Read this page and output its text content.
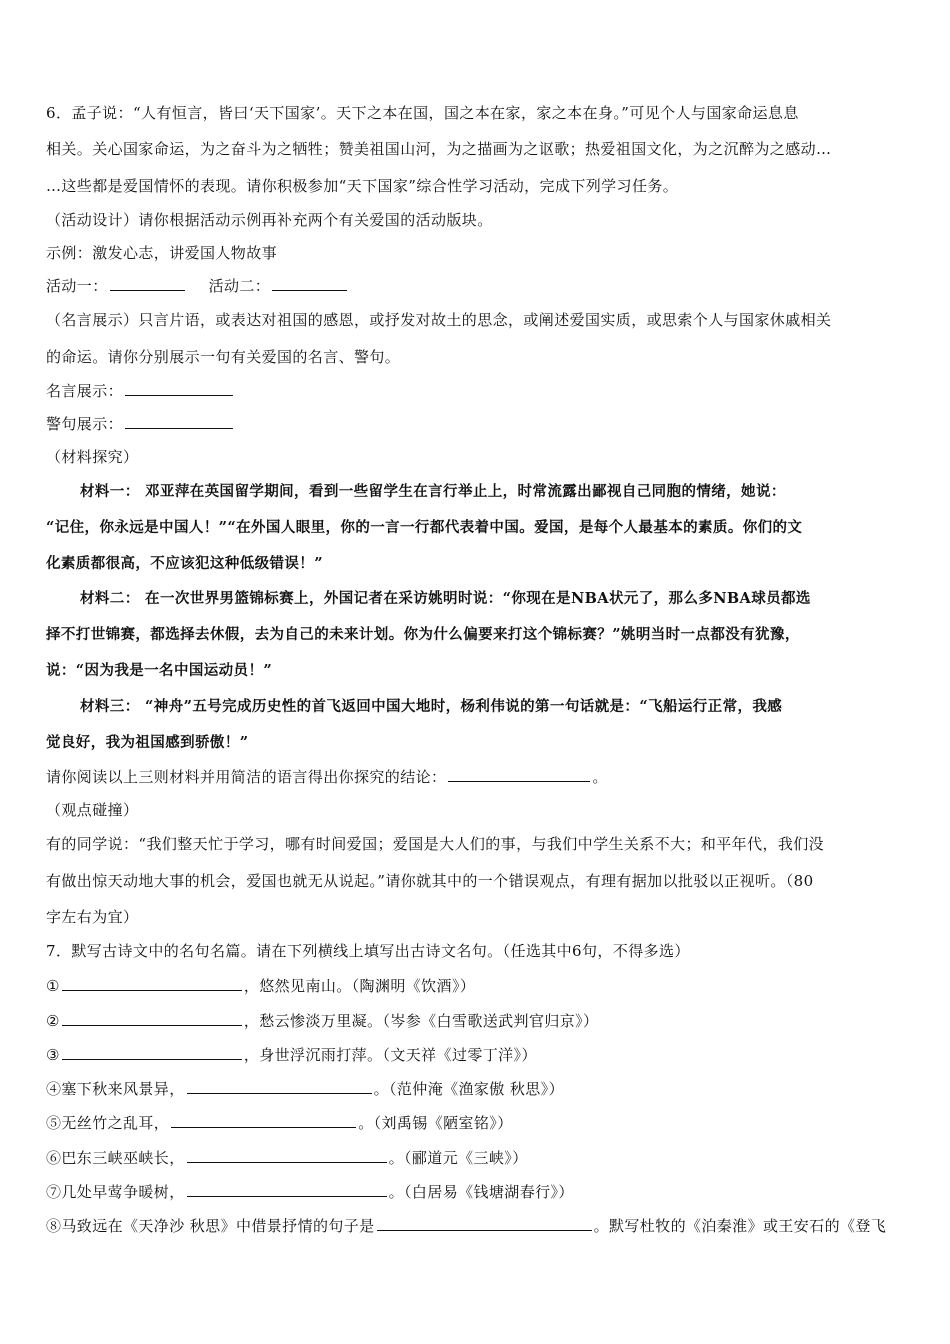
6．孟子说：“人有恒言，皆曰‘天下国家’。天下之本在国，国之本在家，家之本在身。”可见个人与国家命运息息
相关。关心国家命运，为之奋斗为之牺牲；赞美祖国山河，为之描画为之讴歌；热爱祖国文化，为之沉醉为之感动…
…这些都是爱国情怀的表现。请你积极参加“天下国家”综合性学习活动，完成下列学习任务。
（活动设计）请你根据活动示例再补充两个有关爱国的活动版块。
示例：激发心志，讲爱国人物故事
活动一：	活动二：
（名言展示）只言片语，或表达对祖国的感恩，或抒发对故土的思念，或阐述爱国实质，或思索个人与国家休戚相关
的命运。请你分别展示一句有关爱国的名言、警句。
名言展示：
警句展示：
（材料探究）
材料一： 邓亚萍在英国留学期间，看到一些留学生在言行举止上，时常流露出鄙视自己同胞的情绪，她说：
“记住，你永远是中国人！”“在外国人眼里，你的一言一行都代表着中国。爱国，是每个人最基本的素质。你们的文
化素质都很高，不应该犯这种低级错误！”
材料二： 在一次世界男篮锦标赛上，外国记者在采访姚明时说：“你现在是NBA状元了，那么多NBA球员都选
择不打世锦赛，都选择去休假，去为自己的未来计划。你为什么偏要来打这个锦标赛？”姚明当时一点都没有犹豫，
说：“因为我是一名中国运动员！”
材料三： “神舟”五号完成历史性的首飞返回中国大地时，杨利伟说的第一句话就是：“飞船运行正常，我感
觉良好，我为祖国感到骄傲！”
请你阅读以上三则材料并用简洁的语言得出你探究的结论：	。
（观点碰撞）
有的同学说：“我们整天忙于学习，哪有时间爱国；爱国是大人们的事，与我们中学生关系不大；和平年代，我们没
有做出惊天动地大事的机会，爱国也就无从说起。”请你就其中的一个错误观点，有理有据加以批驳以正视听。（80
字左右为宜）
7．默写古诗文中的名句名篇。请在下列横线上填写出古诗文名句。（任选其中6句，不得多选）
①	，悠然见南山。（陶渊明《饮酒》）
②	，愁云惨淡万里凝。（岑参《白雪歌送武判官归京》）
③	，身世浮沉雨打萍。（文天祥《过零丁洋》）
④塞下秋来风景异，	。（范仲淹《渔家傲 秋思》）
⑤无丝竹之乱耳，	。（刘禹锡《陋室铭》）
⑥巴东三峡巫峡长，	。（郦道元《三峡》）
⑦几处早莺争暖树，	。（白居易《钱塘湖春行》）
⑧马致远在《天净沙 秋思》中借景抒情的句子是	。默写杜牧的《泊秦淮》或王安石的《登飞
